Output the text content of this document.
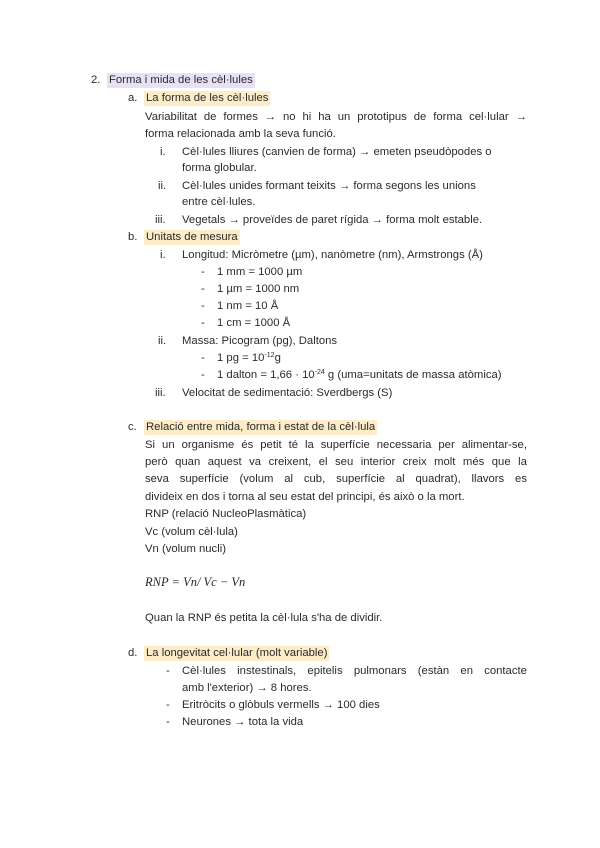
2. Forma i mida de les cèl·lules
a. La forma de les cèl·lules
Variabilitat de formes → no hi ha un prototipus de forma cel·lular →
forma relacionada amb la seva funció.
i. Cèl·lules lliures (canvien de forma) → emeten pseudòpodes o
forma globular.
ii. Cèl·lules unides formant teixits → forma segons les unions
entre cèl·lules.
iii. Vegetals → proveïdes de paret rígida → forma molt estable.
b. Unitats de mesura
i. Longitud: Micròmetre (µm), nanòmetre (nm), Armstrongs (Å)
- 1 mm = 1000 µm
- 1 µm = 1000 nm
- 1 nm = 10 Å
- 1 cm = 1000 Å
ii. Massa: Picogram (pg), Daltons
- 1 pg = $10^{-12}g$
- 1 dalton = $1,66 \cdot 10^{-24}$ g (uma=unitats de massa atòmica)
iii. Velocitat de sedimentació: Sverdbergs (S)
c. Relació entre mida, forma i estat de la cèl·lula
Si un organisme és petit té la superfície necessaria per alimentar-se,
però quan aquest va creixent, el seu interior creix molt més que la
seva superfície (volum al cub, superfície al quadrat), llavors es
divideix en dos i torna al seu estat del principi, és això o la mort.
RNP (relació NucleoPlasmàtica)
Vc (volum cèl·lula)
Vn (volum nucli)
RNP = Vn/ Vc − Vn
Quan la RNP és petita la cèl·lula s'ha de dividir.
d. La longevitat cel·lular (molt variable)
- Cèl·lules instestinals, epitelis pulmonars (estàn en contacte
amb l'exterior) → 8 hores.
- Eritròcits o glòbuls vermells → 100 dies
- Neurones → tota la vida
